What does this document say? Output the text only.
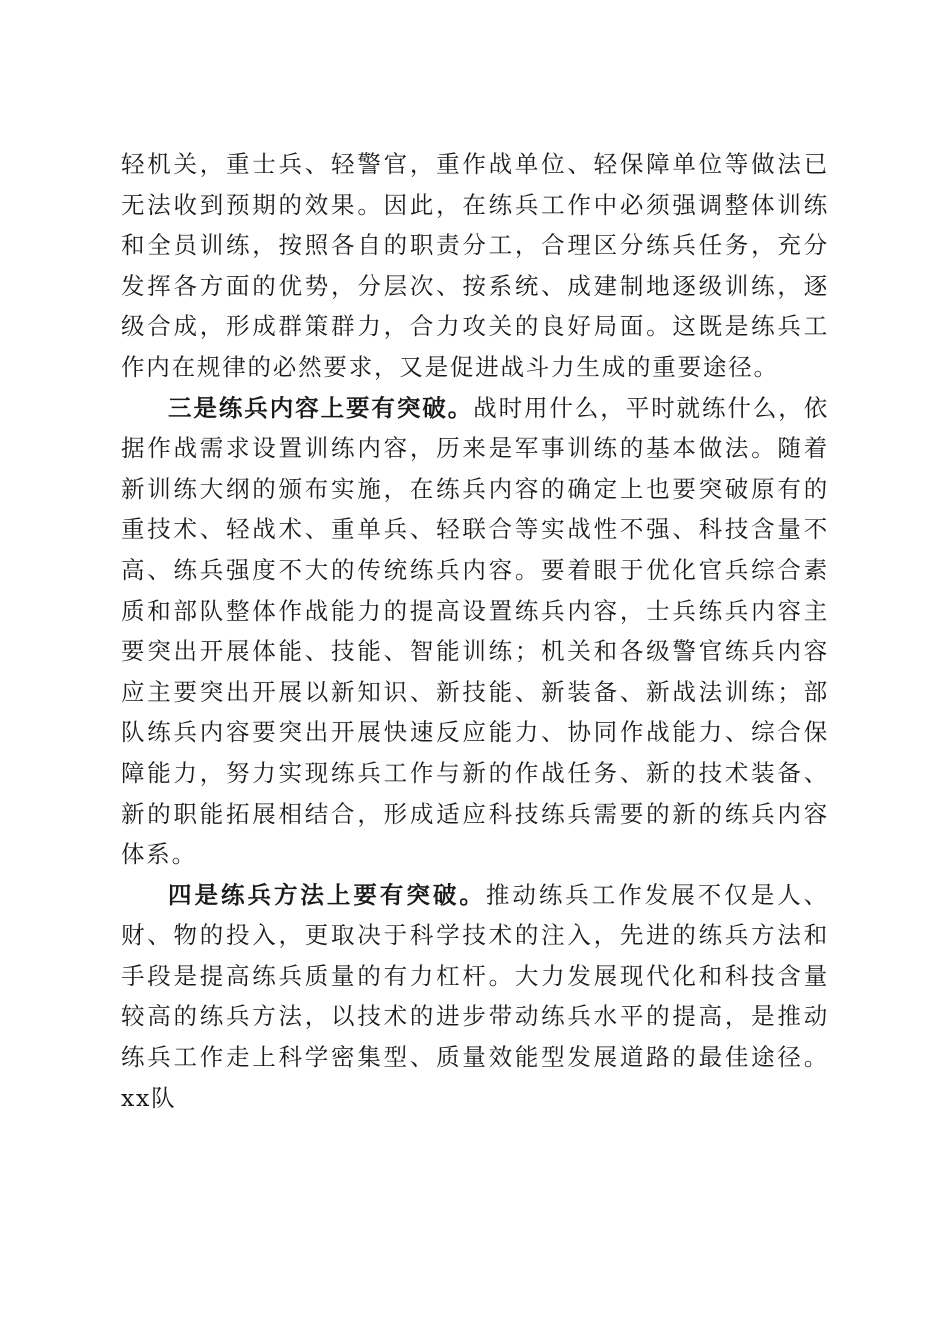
轻机关，重士兵、轻警官，重作战单位、轻保障单位等做法已无法收到预期的效果。因此，在练兵工作中必须强调整体训练和全员训练，按照各自的职责分工，合理区分练兵任务，充分发挥各方面的优势，分层次、按系统、成建制地逐级训练，逐级合成，形成群策群力，合力攻关的良好局面。这既是练兵工作内在规律的必然要求，又是促进战斗力生成的重要途径。

三是练兵内容上要有突破。战时用什么，平时就练什么，依据作战需求设置训练内容，历来是军事训练的基本做法。随着新训练大纲的颁布实施，在练兵内容的确定上也要突破原有的重技术、轻战术、重单兵、轻联合等实战性不强、科技含量不高、练兵强度不大的传统练兵内容。要着眼于优化官兵综合素质和部队整体作战能力的提高设置练兵内容，士兵练兵内容主要突出开展体能、技能、智能训练；机关和各级警官练兵内容应主要突出开展以新知识、新技能、新装备、新战法训练；部队练兵内容要突出开展快速反应能力、协同作战能力、综合保障能力，努力实现练兵工作与新的作战任务、新的技术装备、新的职能拓展相结合，形成适应科技练兵需要的新的练兵内容体系。

四是练兵方法上要有突破。推动练兵工作发展不仅是人、财、物的投入，更取决于科学技术的注入，先进的练兵方法和手段是提高练兵质量的有力杠杆。大力发展现代化和科技含量较高的练兵方法，以技术的进步带动练兵水平的提高，是推动练兵工作走上科学密集型、质量效能型发展道路的最佳途径。xx队
